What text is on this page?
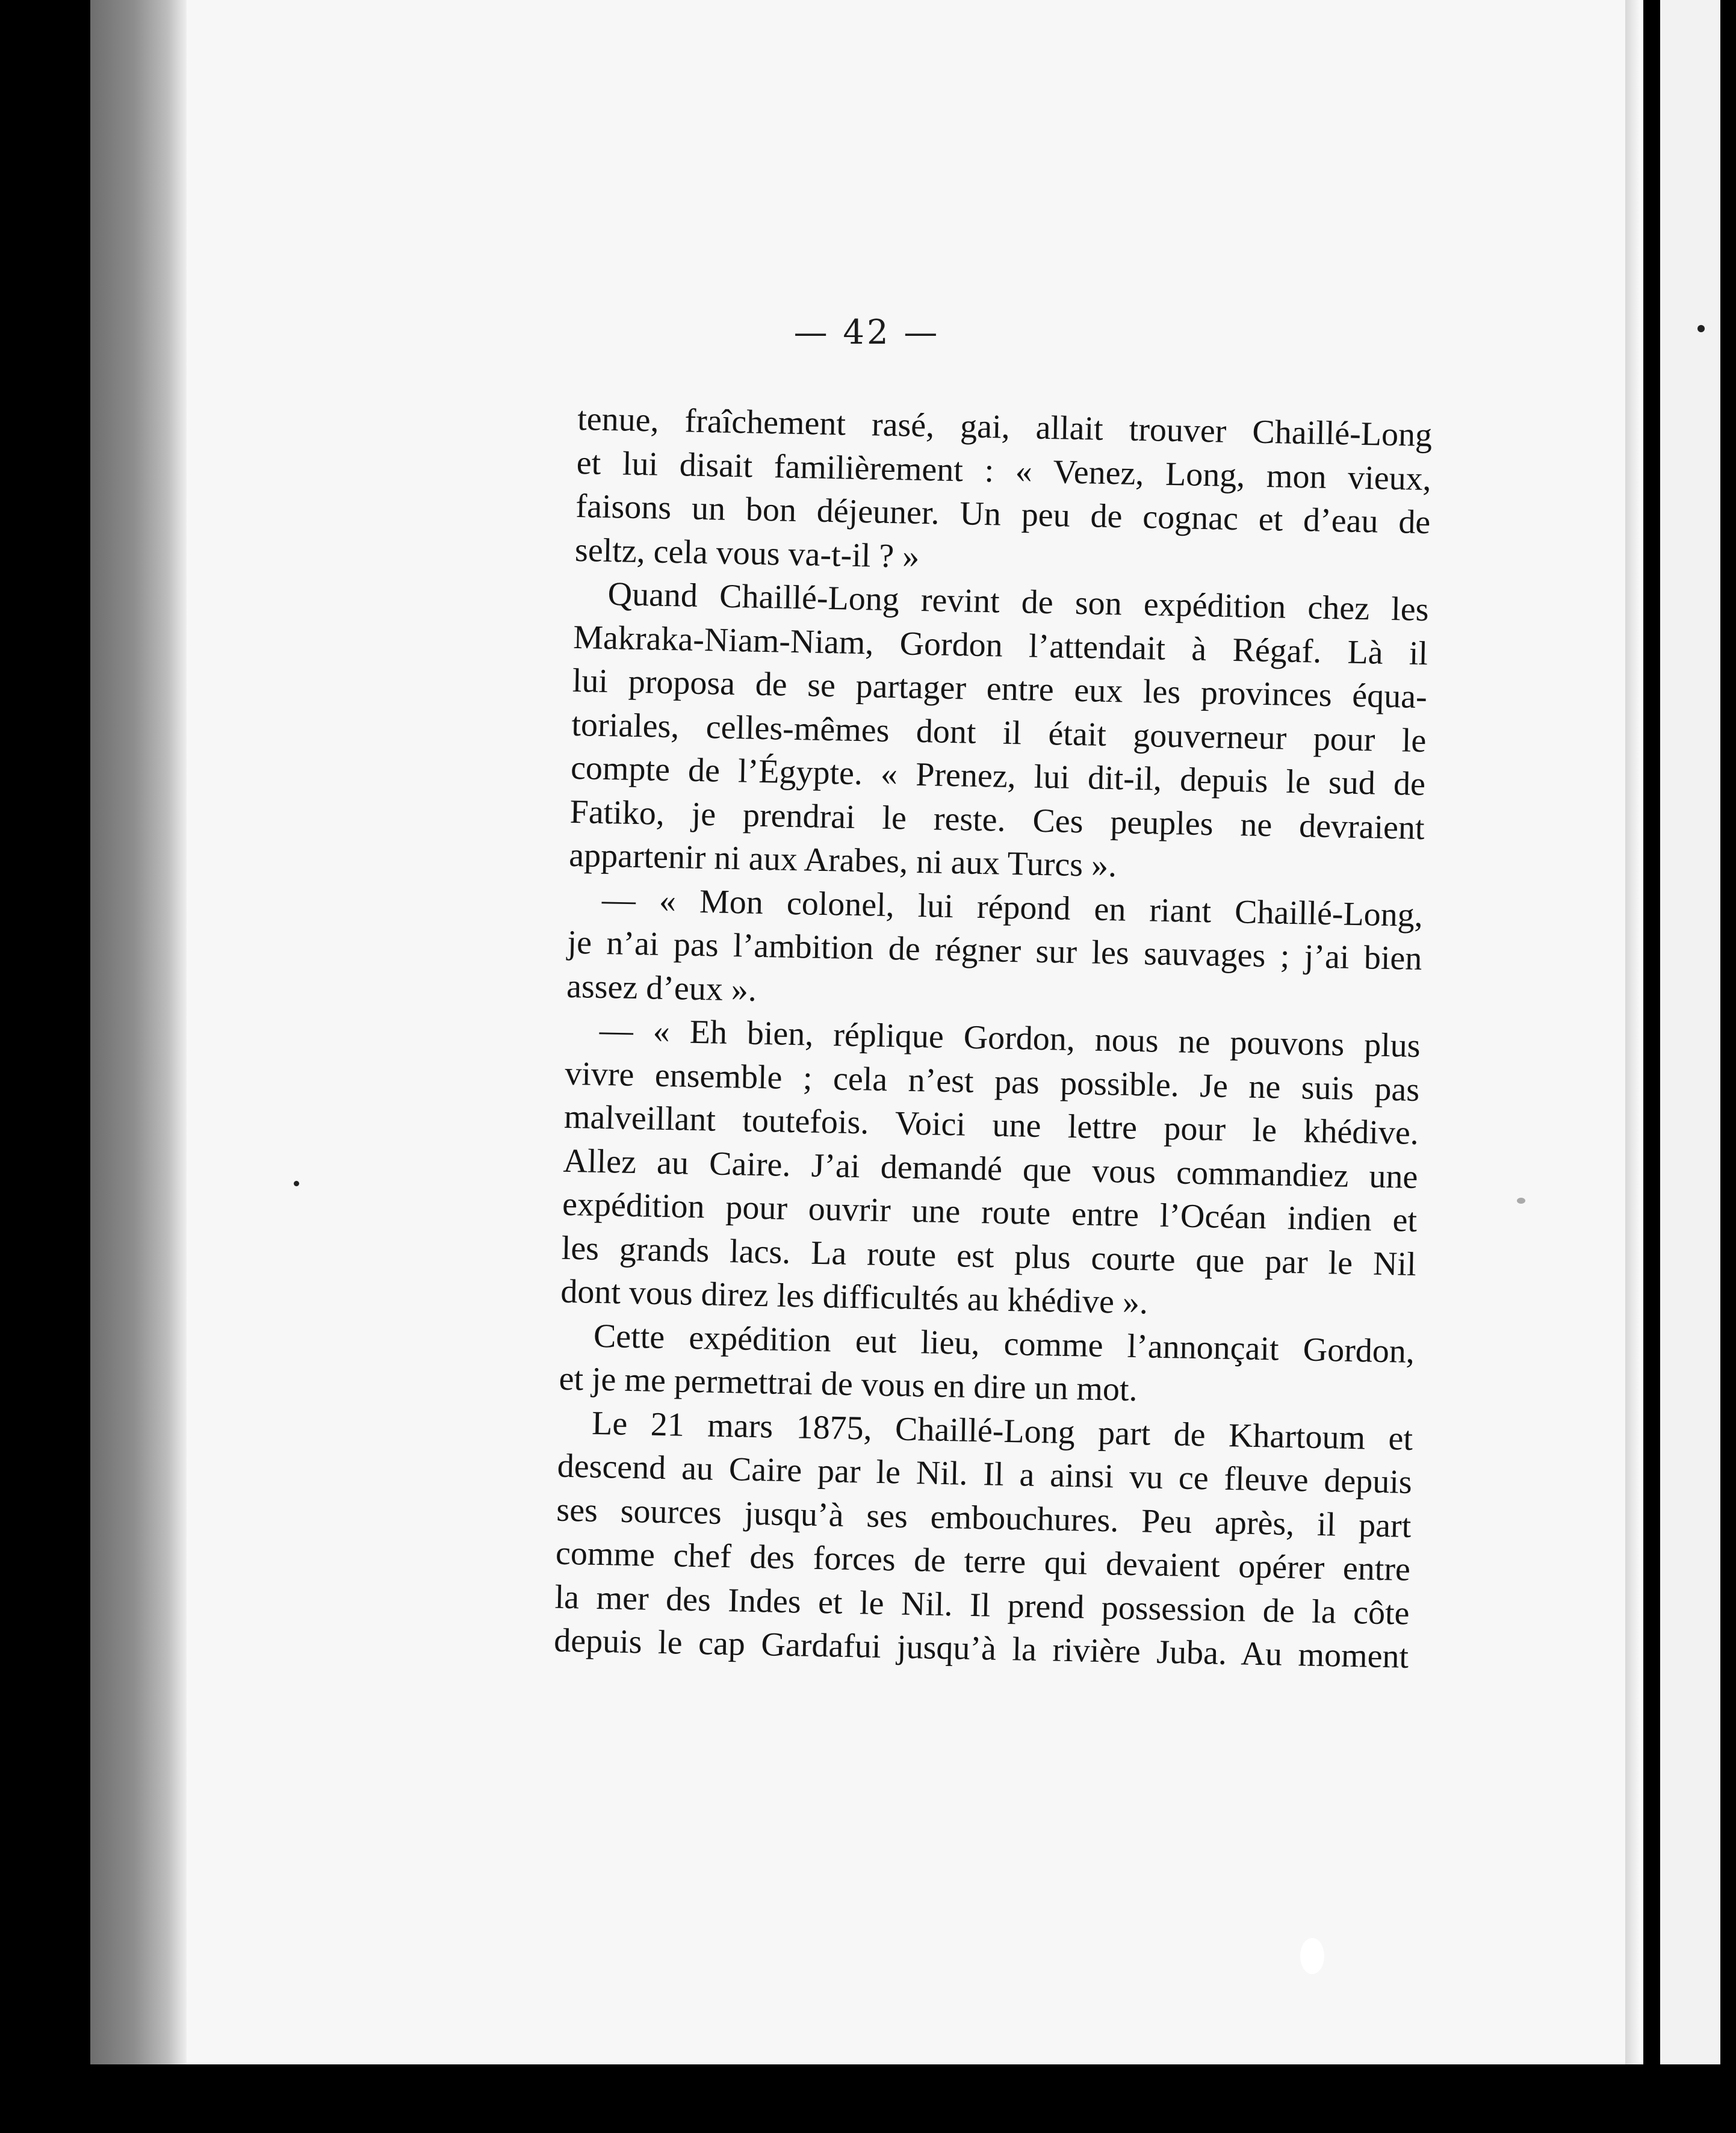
— 42 —
tenue, fraîchement rasé, gai, allait trouver Chaillé-Long
et lui disait familièrement : « Venez, Long, mon vieux,
faisons un bon déjeuner. Un peu de cognac et d’eau de
seltz, cela vous va-t-il ? »
Quand Chaillé-Long revint de son expédition chez les
Makraka-Niam-Niam, Gordon l’attendait à Régaf. Là il
lui proposa de se partager entre eux les provinces équa-
toriales, celles-mêmes dont il était gouverneur pour le
compte de l’Égypte. « Prenez, lui dit-il, depuis le sud de
Fatiko, je prendrai le reste. Ces peuples ne devraient
appartenir ni aux Arabes, ni aux Turcs ».
— « Mon colonel, lui répond en riant Chaillé-Long,
je n’ai pas l’ambition de régner sur les sauvages ; j’ai bien
assez d’eux ».
— « Eh bien, réplique Gordon, nous ne pouvons plus
vivre ensemble ; cela n’est pas possible. Je ne suis pas
malveillant toutefois. Voici une lettre pour le khédive.
Allez au Caire. J’ai demandé que vous commandiez une
expédition pour ouvrir une route entre l’Océan indien et
les grands lacs. La route est plus courte que par le Nil
dont vous direz les difficultés au khédive ».
Cette expédition eut lieu, comme l’annonçait Gordon,
et je me permettrai de vous en dire un mot.
Le 21 mars 1875, Chaillé-Long part de Khartoum et
descend au Caire par le Nil. Il a ainsi vu ce fleuve depuis
ses sources jusqu’à ses embouchures. Peu après, il part
comme chef des forces de terre qui devaient opérer entre
la mer des Indes et le Nil. Il prend possession de la côte
depuis le cap Gardafui jusqu’à la rivière Juba. Au moment
